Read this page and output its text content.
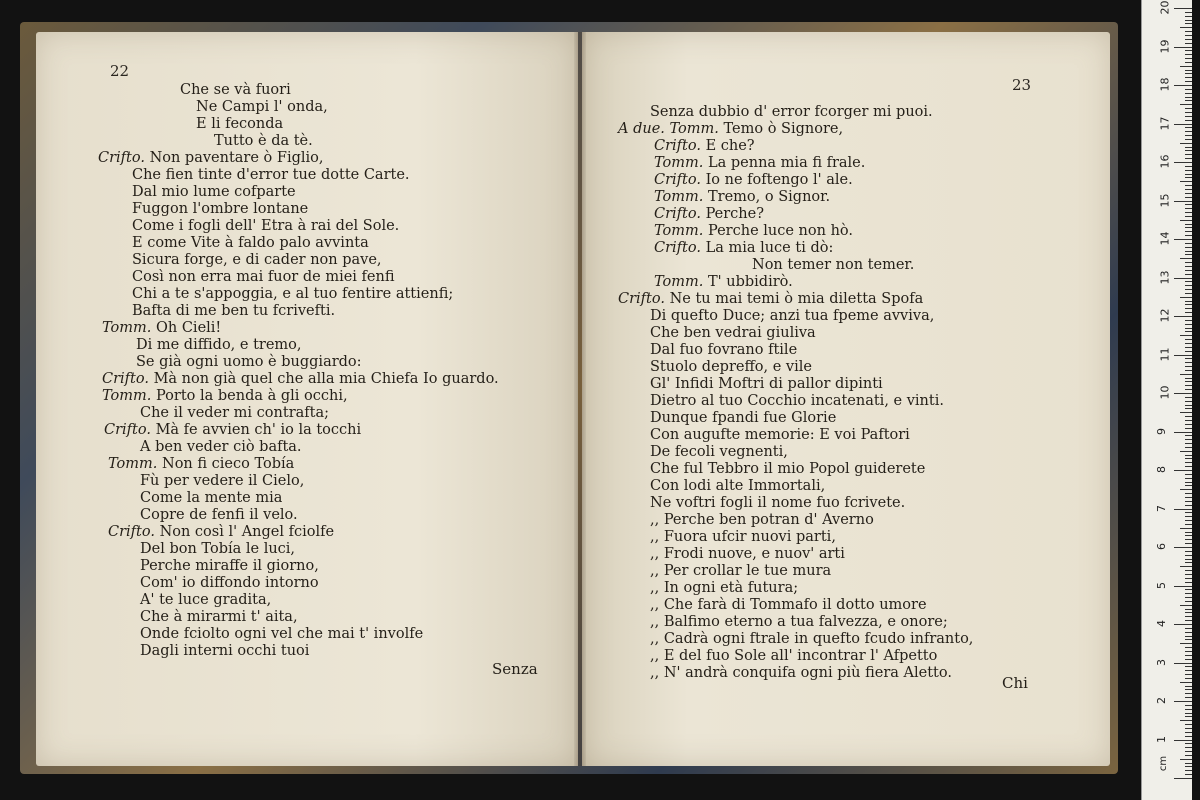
22
23
Che se và fuori
Ne Campi l' onda,
E li feconda
Tutto è da tè.
Crifto. Non paventare ò Figlio,
Che fien tinte d'error tue dotte Carte.
Dal mio lume cofparte
Fuggon l'ombre lontane
Come i fogli dell' Etra à rai del Sole.
E come Vite à faldo palo avvinta
Sicura forge, e di cader non pave,
Così non erra mai fuor de miei fenfi
Chi a te s'appoggia, e al tuo fentire attienfi;
Bafta di me ben tu fcrivefti.
Tomm. Oh Cieli!
Di me diffido, e tremo,
Se già ogni uomo è buggiardo:
Crifto. Mà non già quel che alla mia Chiefa Io guardo.
Tomm. Porto la benda à gli occhi,
Che il veder mi contrafta;
Crifto. Mà fe avvien ch' io la tocchi
A ben veder ciò bafta.
Tomm. Non fi cieco Tobía
Fù per vedere il Cielo,
Come la mente mia
Copre de fenfi il velo.
Crifto. Non così l' Angel fciolfe
Del bon Tobía le luci,
Perche miraffe il giorno,
Com' io diffondo intorno
A' te luce gradita,
Che à mirarmi t' aita,
Onde fciolto ogni vel che mai t' involfe
Dagli interni occhi tuoi
Senza dubbio d' error fcorger mi puoi.
A due. Tomm. Temo ò Signore,
Crifto. E che?
Tomm. La penna mia fi frale.
Crifto. Io ne foftengo l' ale.
Tomm. Tremo, o Signor.
Crifto. Perche?
Tomm. Perche luce non hò.
Crifto. La mia luce ti dò:
Non temer non temer.
Tomm. T' ubbidirò.
Crifto. Ne tu mai temi ò mia diletta Spofa
Di quefto Duce; anzi tua fpeme avviva,
Che ben vedrai giuliva
Dal fuo fovrano ftile
Stuolo depreffo, e vile
Gl' Infidi Moftri di pallor dipinti
Dietro al tuo Cocchio incatenati, e vinti.
Dunque fpandi fue Glorie
Con augufte memorie: E voi Paftori
De fecoli vegnenti,
Che ful Tebbro il mio Popol guiderete
Con lodi alte Immortali,
Ne voftri fogli il nome fuo fcrivete.
,, Perche ben potran d' Averno
,, Fuora ufcir nuovi parti,
,, Frodi nuove, e nuov' arti
,, Per crollar le tue mura
,, In ogni età futura;
,, Che farà di Tommafo il dotto umore
,, Balfimo eterno a tua falvezza, e onore;
,, Cadrà ogni ftrale in quefto fcudo infranto,
,, E del fuo Sole all' incontrar l' Afpetto
,, N' andrà conquifa ogni più fiera Aletto.
Senza
Chi
cm
1
2
3
4
5
6
7
8
9
10
11
12
13
14
15
16
17
18
19
20
